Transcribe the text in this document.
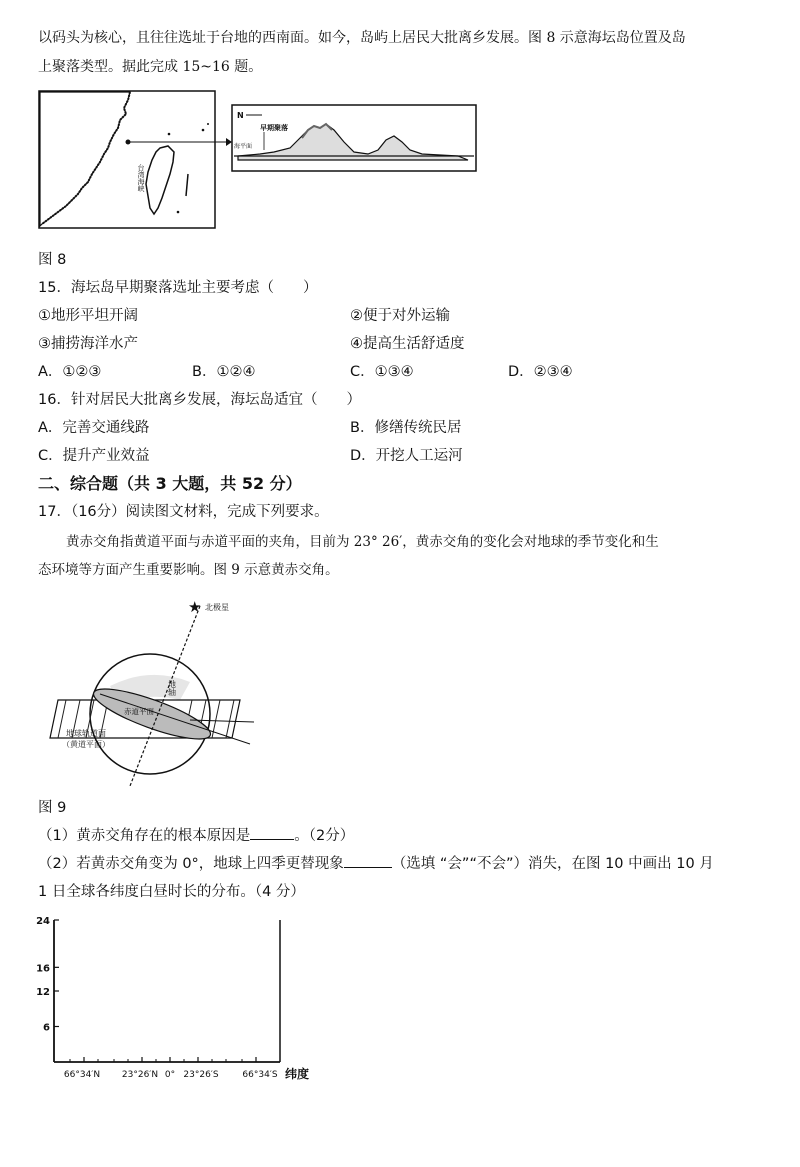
以码头为核心，且往往选址于台地的西南面。如今，岛屿上居民大批离乡发展。图 8 示意海坛岛位置及岛
上聚落类型。据此完成 15~16 题。
台湾海峡
N
早期聚落
海平面
图 8
15．海坛岛早期聚落选址主要考虑（　　）
①地形平坦开阔	②便于对外运输
③捕捞海洋水产	④提高生活舒适度
A．①②③	B．①②④	C．①③④	D．②③④
16．针对居民大批离乡发展，海坛岛适宜（　　）
A．完善交通线路	B．修缮传统民居
C．提升产业效益	D．开挖人工运河
二、综合题（共 3 大题，共 52 分）
17．（16分）阅读图文材料，完成下列要求。
黄赤交角指黄道平面与赤道平面的夹角，目前为 23° 26′，黄赤交角的变化会对地球的季节变化和生
态环境等方面产生重要影响。图 9 示意黄赤交角。
★ 北极星
地轴
赤道平面
地球轨道面
（黄道平面）
图 9
（1）黄赤交角存在的根本原因是	。（2分）
（2）若黄赤交角变为 0°，地球上四季更替现象	（选填 “会”“不会”）消失，在图 10 中画出 10 月
1 日全球各纬度白昼时长的分布。（4 分）
24
16
12
6
66°34′N 23°26′N 0° 23°26′S	66°34′S 纬度
